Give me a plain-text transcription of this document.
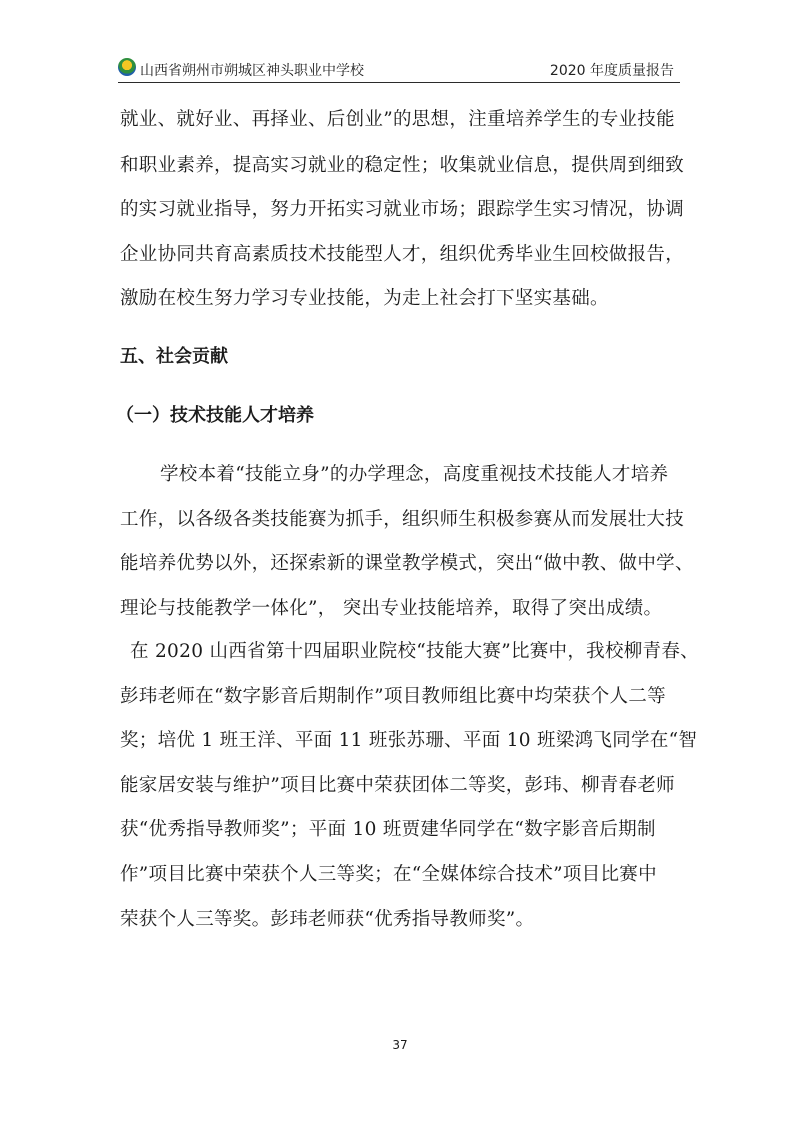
山西省朔州市朔城区神头职业中学校	2020 年度质量报告
就业、就好业、再择业、后创业”的思想，注重培养学生的专业技能
和职业素养，提高实习就业的稳定性；收集就业信息，提供周到细致
的实习就业指导，努力开拓实习就业市场；跟踪学生实习情况，协调
企业协同共育高素质技术技能型人才，组织优秀毕业生回校做报告，
激励在校生努力学习专业技能，为走上社会打下坚实基础。
五、社会贡献
（一）技术技能人才培养
学校本着“技能立身”的办学理念，高度重视技术技能人才培养
工作，以各级各类技能赛为抓手，组织师生积极参赛从而发展壮大技
能培养优势以外，还探索新的课堂教学模式，突出“做中教、做中学、
理论与技能教学一体化”， 突出专业技能培养，取得了突出成绩。
在 2020 山西省第十四届职业院校“技能大赛”比赛中，我校柳青春、
彭玮老师在“数字影音后期制作”项目教师组比赛中均荣获个人二等
奖；培优 1 班王洋、平面 11 班张苏珊、平面 10 班梁鸿飞同学在“智
能家居安装与维护”项目比赛中荣获团体二等奖，彭玮、柳青春老师
获“优秀指导教师奖”；平面 10 班贾建华同学在“数字影音后期制
作”项目比赛中荣获个人三等奖；在“全媒体综合技术”项目比赛中
荣获个人三等奖。彭玮老师获“优秀指导教师奖”。
37
